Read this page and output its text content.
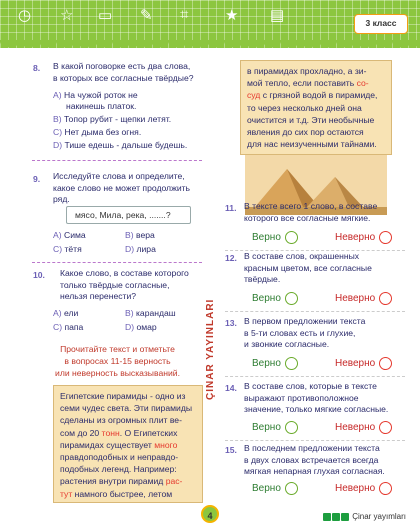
◷ ☆ ▭ ✎ ⌗ ★ ▤	3 класс
8. В какой поговорке есть два слова,
в которых все согласные твёрдые?
A) На чужой роток не
накинешь платок.
B) Топор рубит - щепки летят.
C) Нет дыма без огня.
D) Тише едешь - дальше будешь.
9. Исследуйте слова и определите,
какое слово не может продолжить
ряд.
мясо, Мила, река, .......?
A) Сима	B) вера
C) тётя	D) лира
10. Какое слово, в составе которого
только твёрдые согласные,
нельзя перенести?
A) ели	B) карандаш
C) папа	D) омар
Прочитайте текст и отметьте
в вопросах 11-15 верность
или неверность высказываний.
Египетские пирамиды - одно из
семи чудес света. Эти пирамиды
сделаны из огромных плит ве-
сом до 20 тонн. О Египетских
пирамидах существует много
правдоподобных и неправдо-
подобных легенд. Например:
растения внутри пирамид рас-
тут намного быстрее, летом
в пирамидах прохладно, а зи-
мой тепло, если поставить со-
суд с грязной водой в пирамиде,
то через несколько дней она
очистится и т.д. Эти необычные
явления до сих пор остаются
для нас неизученными тайнами.
ÇINAR YAYINLARI
11. В тексте всего 1 слово, в составе
которого все согласные мягкие.
Верно	Неверно
12. В составе слов, окрашенных
красным цветом, все согласные
твёрдые.
Верно	Неверно
13. В первом предложении текста
в 5-ти словах есть и глухие,
и звонкие согласные.
Верно	Неверно
14. В составе слов, которые в тексте
выражают противоположное
значение, только мягкие согласные.
Верно	Неверно
15. В последнем предложении текста
в двух словах встречается всегда
мягкая непарная глухая согласная.
Верно	Неверно
4	Çinar yayımları
